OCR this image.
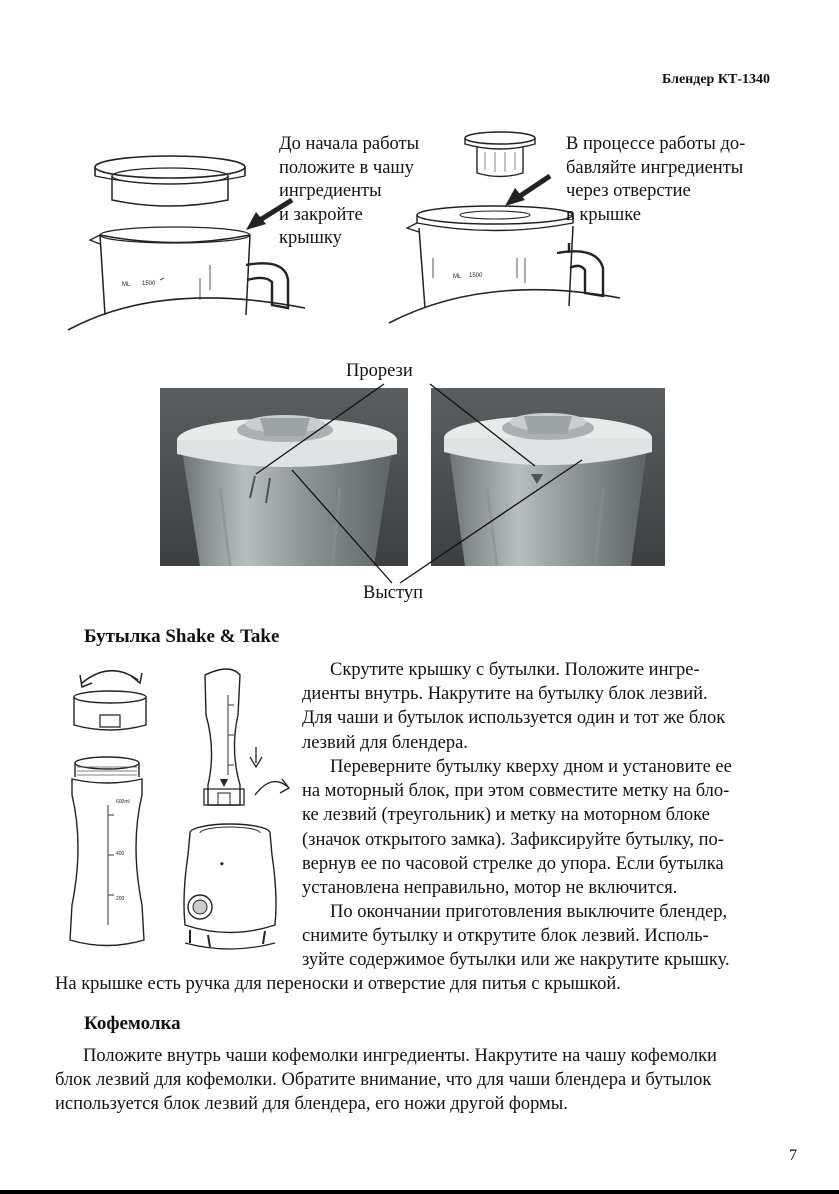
Блендер КТ-1340
ML 1500
До начала работы
положите в чашу
ингредиенты
и закройте
крышку
ML 1500
В процессе работы до-
бавляйте ингредиенты
через отверстие
в крышке
Прорези
Выступ
Бутылка Shake & Take
600ml
400
200
◆
Скрутите крышку с бутылки. Положите ингре-
диенты внутрь. Накрутите на бутылку блок лезвий.
Для чаши и бутылок используется один и тот же блок
лезвий для блендера.
Переверните бутылку кверху дном и установите ее
на моторный блок, при этом совместите метку на бло-
ке лезвий (треугольник) и метку на моторном блоке
(значок открытого замка). Зафиксируйте бутылку, по-
вернув ее по часовой стрелке до упора. Если бутылка
установлена неправильно, мотор не включится.
По окончании приготовления выключите блендер,
снимите бутылку и открутите блок лезвий. Исполь-
зуйте содержимое бутылки или же накрутите крышку.
На крышке есть ручка для переноски и отверстие для питья с крышкой.
Кофемолка
Положите внутрь чаши кофемолки ингредиенты. Накрутите на чашу кофемолки
блок лезвий для кофемолки. Обратите внимание, что для чаши блендера и бутылок
используется блок лезвий для блендера, его ножи другой формы.
7
